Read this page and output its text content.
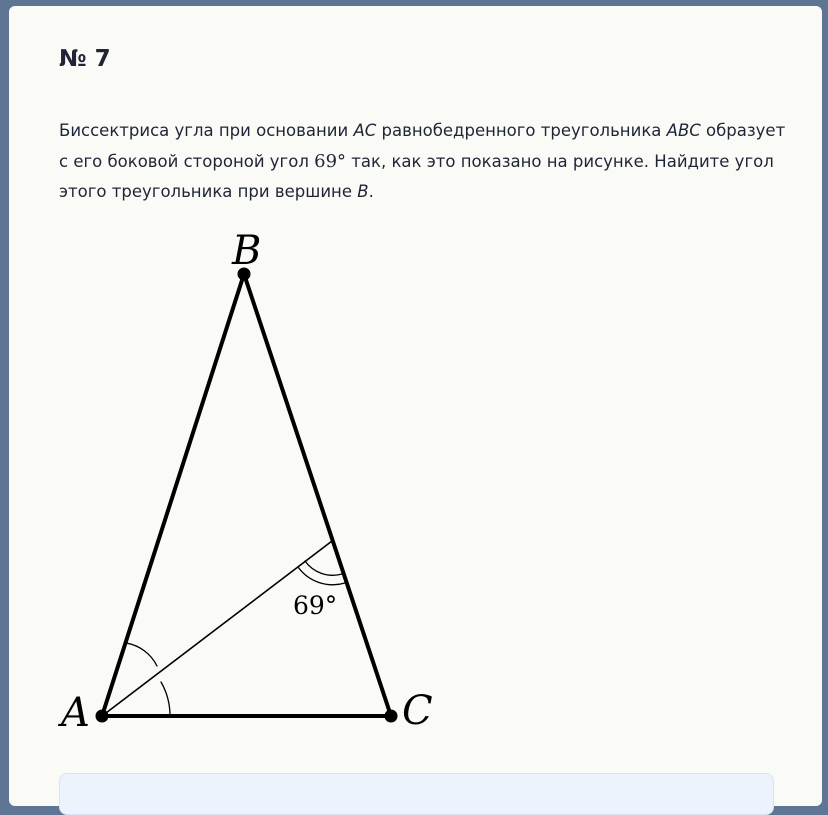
№ 7

Биссектриса угла при основании AC равнобедренного треугольника ABC образует с его боковой стороной угол 69° так, как это показано на рисунке. Найдите угол этого треугольника при вершине B.

A
B
C
69°
